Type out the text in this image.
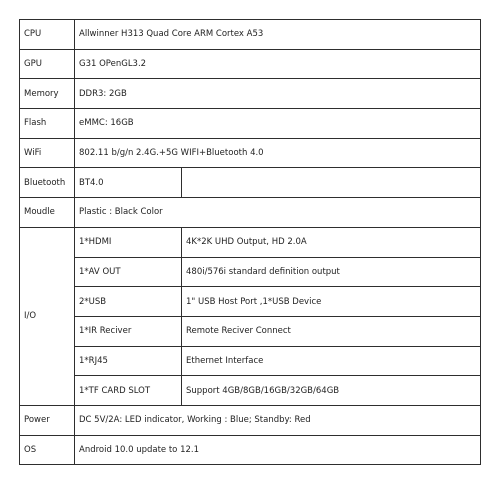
CPU	Allwinner H313 Quad Core ARM Cortex A53	
GPU	G31 OPenGL3.2	
Memory	DDR3: 2GB	
Flash	eMMC: 16GB	
WiFi	802.11 b/g/n 2.4G.+5G WIFI+Bluetooth 4.0	
Bluetooth	BT4.0	
Moudle	Plastic : Black Color	
I/O	1*HDMI	4K*2K UHD Output, HD 2.0A
	1*AV OUT	480i/576i standard definition output
	2*USB	1" USB Host Port ,1*USB Device
	1*IR Reciver	Remote Reciver Connect
	1*RJ45	Ethernet Interface
	1*TF CARD SLOT	Support 4GB/8GB/16GB/32GB/64GB
Power	DC 5V/2A: LED indicator, Working : Blue; Standby: Red	
OS	Android 10.0 update to 12.1	
